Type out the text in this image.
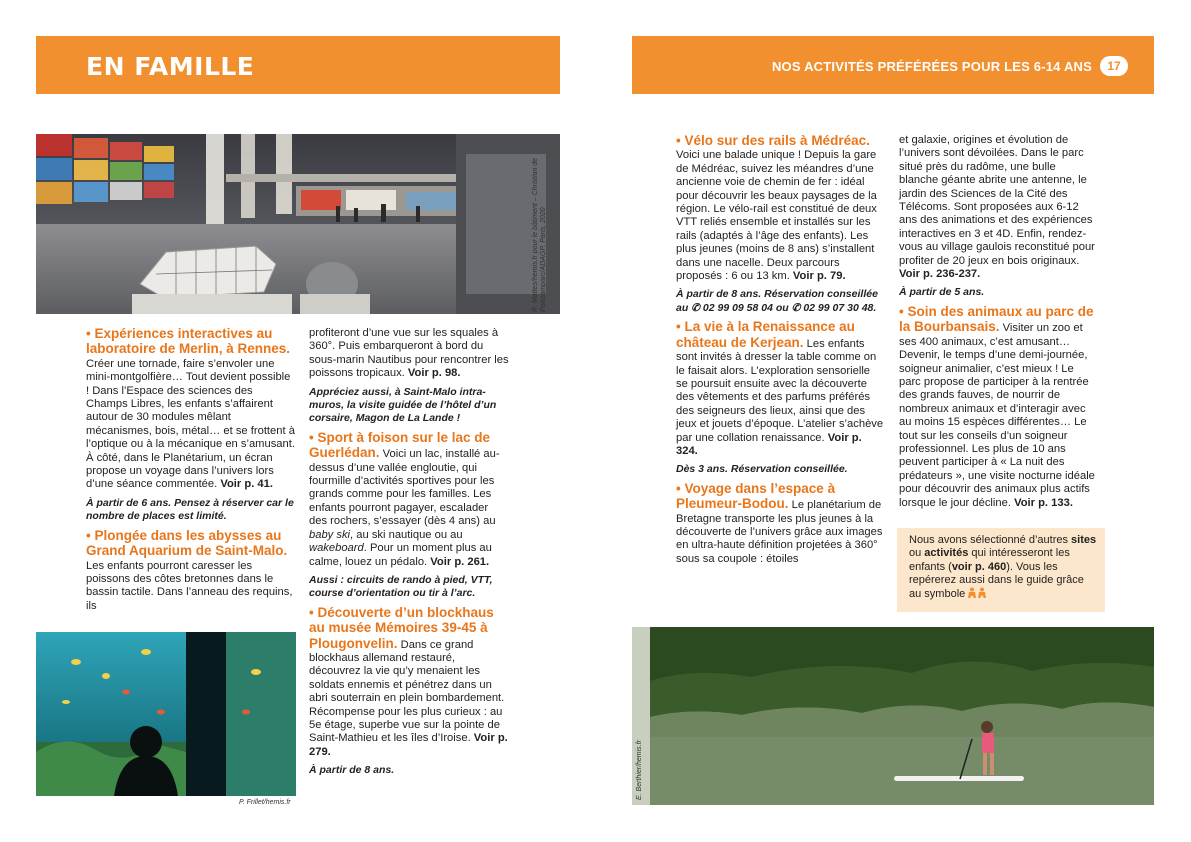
EN FAMILLE	NOS ACTIVITÉS PRÉFÉRÉES POUR LES 6-14 ANS	17
R. Mattes/hemis.fr pour le bâtiment – Christian de Portzamparc/ADAGP, Paris, 2020

• Expériences interactives au laboratoire de Merlin, à Rennes. Créer une tornade, faire s’envoler une mini-montgolfière… Tout devient possible ! Dans l’Espace des sciences des Champs Libres, les enfants s’affairent autour de 30 modules mêlant mécanismes, bois, métal… et se frottent à l’optique ou à la mécanique en s’amusant. À côté, dans le Planétarium, un écran propose un voyage dans l’univers lors d’une séance commentée. Voir p. 41.

À partir de 6 ans. Pensez à réserver car le nombre de places est limité.

• Plongée dans les abysses au Grand Aquarium de Saint-Malo. Les enfants pourront caresser les poissons des côtes bretonnes dans le bassin tactile. Dans l’anneau des requins, ils

profiteront d’une vue sur les squales à 360°. Puis embarqueront à bord du sous-marin Nautibus pour rencontrer les poissons tropicaux. Voir p. 98.

Appréciez aussi, à Saint-Malo intra-muros, la visite guidée de l’hôtel d’un corsaire, Magon de La Lande !

• Sport à foison sur le lac de Guerlédan. Voici un lac, installé au-dessus d’une vallée engloutie, qui fourmille d’activités sportives pour les grands comme pour les familles. Les enfants pourront pagayer, escalader des rochers, s’essayer (dès 4 ans) au baby ski, au ski nautique ou au wakeboard. Pour un moment plus au calme, louez un pédalo. Voir p. 261.

Aussi : circuits de rando à pied, VTT, course d’orientation ou tir à l’arc.

• Découverte d’un blockhaus au musée Mémoires 39-45 à Plougonvelin. Dans ce grand blockhaus allemand restauré, découvrez la vie qu’y menaient les soldats ennemis et pénétrez dans un abri souterrain en plein bombardement. Récompense pour les plus curieux : au 5e étage, superbe vue sur la pointe de Saint-Mathieu et les îles d’Iroise. Voir p. 279.

À partir de 8 ans.

P. Frillet/hemis.fr

• Vélo sur des rails à Médréac. Voici une balade unique ! Depuis la gare de Médréac, suivez les méandres d’une ancienne voie de chemin de fer : idéal pour découvrir les beaux paysages de la région. Le vélo-rail est constitué de deux VTT reliés ensemble et installés sur les rails (adaptés à l’âge des enfants). Les plus jeunes (moins de 8 ans) s’installent dans une nacelle. Deux parcours proposés : 6 ou 13 km. Voir p. 79.

À partir de 8 ans. Réservation conseillée au ✆ 02 99 09 58 04 ou ✆ 02 99 07 30 48.

• La vie à la Renaissance au château de Kerjean. Les enfants sont invités à dresser la table comme on le faisait alors. L’exploration sensorielle se poursuit ensuite avec la découverte des vêtements et des parfums préférés des seigneurs des lieux, ainsi que des jeux et jouets d’époque. L’atelier s’achève par une collation renaissance. Voir p. 324.

Dès 3 ans. Réservation conseillée.

• Voyage dans l’espace à Pleumeur-Bodou. Le planétarium de Bretagne transporte les plus jeunes à la découverte de l’univers grâce aux images en ultra-haute définition projetées à 360° sous sa coupole : étoiles

et galaxie, origines et évolution de l’univers sont dévoilées. Dans le parc situé près du radôme, une bulle blanche géante abrite une antenne, le jardin des Sciences de la Cité des Télécoms. Sont proposées aux 6-12 ans des animations et des expériences interactives en 3 et 4D. Enfin, rendez-vous au village gaulois reconstitué pour profiter de 20 jeux en bois originaux. Voir p. 236-237.

À partir de 5 ans.

• Soin des animaux au parc de la Bourbansais. Visiter un zoo et ses 400 animaux, c’est amusant… Devenir, le temps d’une demi-journée, soigneur animalier, c’est mieux ! Le parc propose de participer à la rentrée des grands fauves, de nourrir de nombreux animaux et d’interagir avec au moins 15 espèces différentes… Le tout sur les conseils d’un soigneur professionnel. Les plus de 10 ans peuvent participer à « La nuit des prédateurs », une visite nocturne idéale pour découvrir des animaux plus actifs lorsque le jour décline. Voir p. 133.

Nous avons sélectionné d’autres sites ou activités qui intéresseront les enfants (voir p. 460). Vous les repérerez aussi dans le guide grâce au symbole
E. Berthier/hemis.fr
